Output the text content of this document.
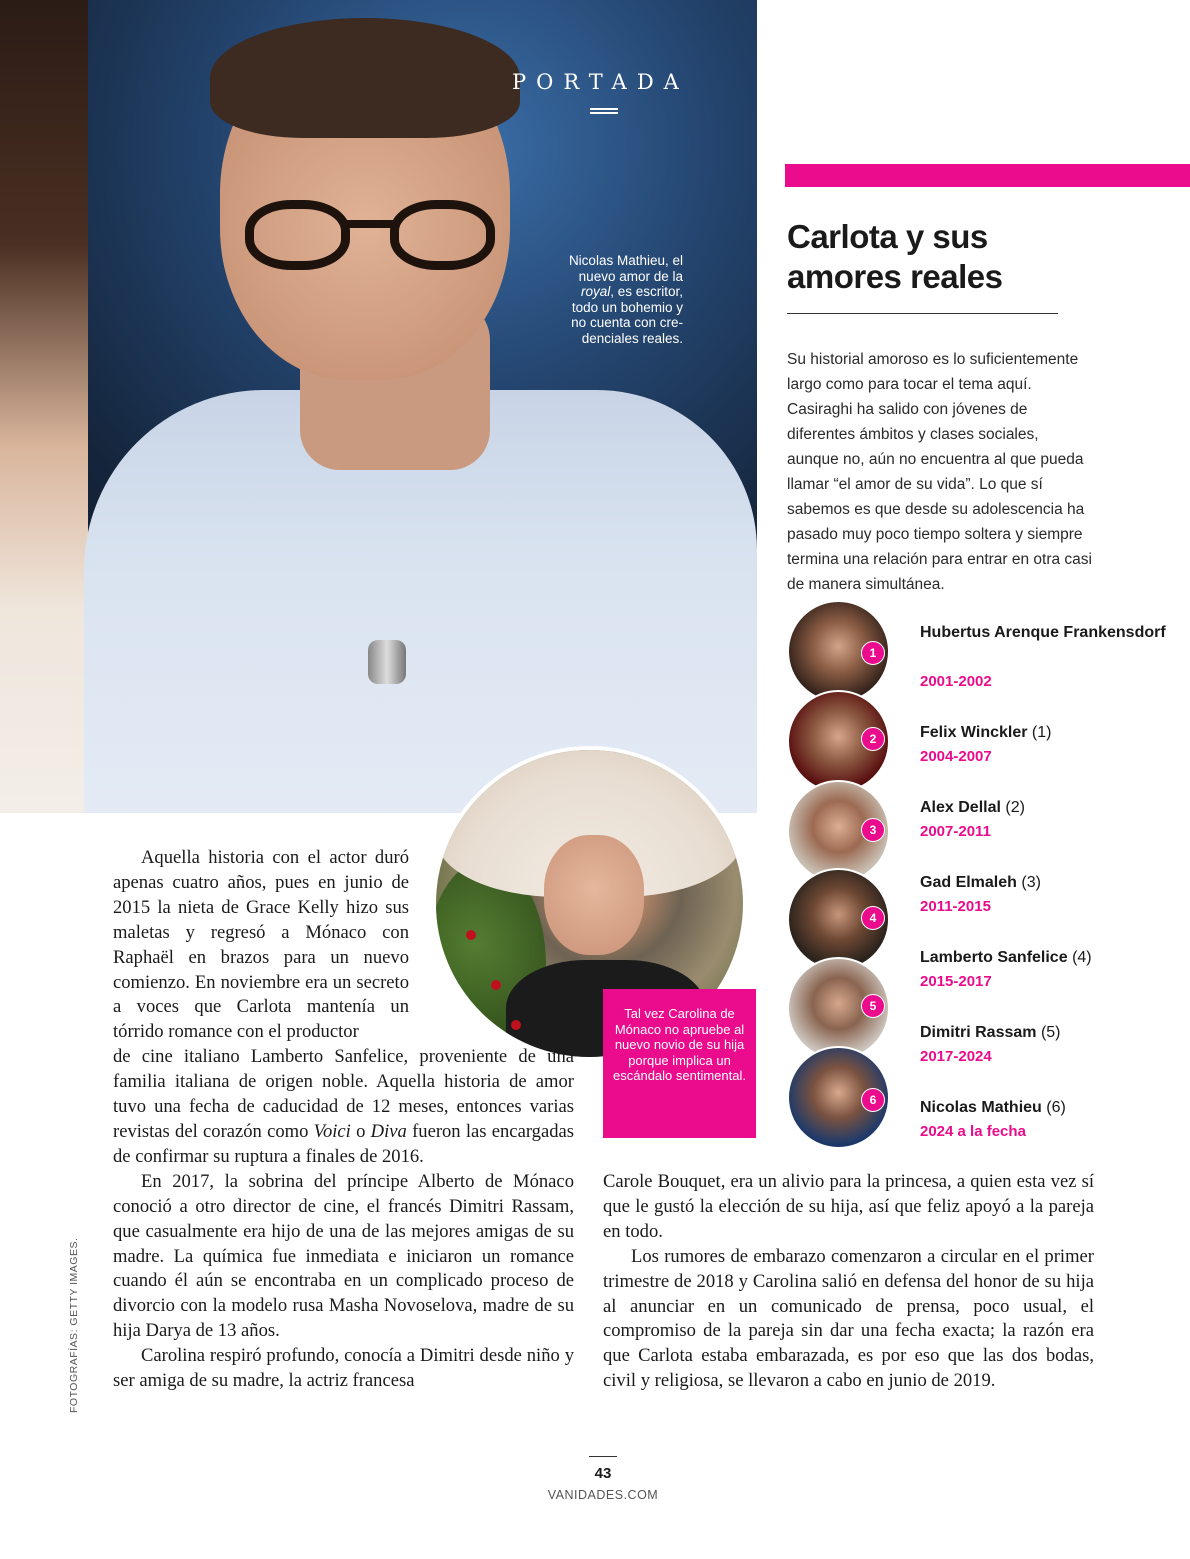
PORTADA
Nicolas Mathieu, el nuevo amor de la royal, es escritor, todo un bohemio y no cuenta con cre-denciales reales.
Carlota y sus amores reales
Su historial amoroso es lo suficientemente largo como para tocar el tema aquí. Casiraghi ha salido con jóvenes de diferentes ámbitos y clases sociales, aunque no, aún no encuentra al que pueda llamar “el amor de su vida”. Lo que sí sabemos es que desde su adolescencia ha pasado muy poco tiempo soltera y siempre termina una relación para entrar en otra casi de manera simultánea.
1
2
3
4
5
6
Hubertus Arenque Frankensdorf
2001-2002
Felix Winckler (1)
2004-2007
Alex Dellal (2)
2007-2011
Gad Elmaleh (3)
2011-2015
Lamberto Sanfelice (4)
2015-2017
Dimitri Rassam (5)
2017-2024
Nicolas Mathieu (6)
2024 a la fecha
Tal vez Carolina de Mónaco no apruebe al nuevo novio de su hija porque implica un escándalo sentimental.

Aquella historia con el actor duró apenas cuatro años, pues en junio de 2015 la nieta de Grace Kelly hizo sus maletas y regresó a Mónaco con Raphaël en brazos para un nuevo comienzo. En noviembre era un secreto a voces que Carlota mantenía un tórrido romance con el productor

de cine italiano Lamberto Sanfelice, proveniente de una familia italiana de origen noble. Aquella historia de amor tuvo una fecha de caducidad de 12 meses, entonces varias revistas del corazón como Voici o Diva fueron las encargadas de confirmar su ruptura a finales de 2016.

En 2017, la sobrina del príncipe Alberto de Mónaco conoció a otro director de cine, el francés Dimitri Rassam, que casualmente era hijo de una de las mejores amigas de su madre. La química fue inmediata e iniciaron un romance cuando él aún se encontraba en un complicado proceso de divorcio con la modelo rusa Masha Novoselova, madre de su hija Darya de 13 años.

Carolina respiró profundo, conocía a Dimitri desde niño y ser amiga de su madre, la actriz francesa

Carole Bouquet, era un alivio para la princesa, a quien esta vez sí que le gustó la elección de su hija, así que feliz apoyó a la pareja en todo.

Los rumores de embarazo comenzaron a circular en el primer trimestre de 2018 y Carolina salió en defensa del honor de su hija al anunciar en un comunicado de prensa, poco usual, el compromiso de la pareja sin dar una fecha exacta; la razón era que Carlota estaba embarazada, es por eso que las dos bodas, civil y religiosa, se llevaron a cabo en junio de 2019.

FOTOGRAFÍAS: GETTY IMAGES.
43
VANIDADES.COM
